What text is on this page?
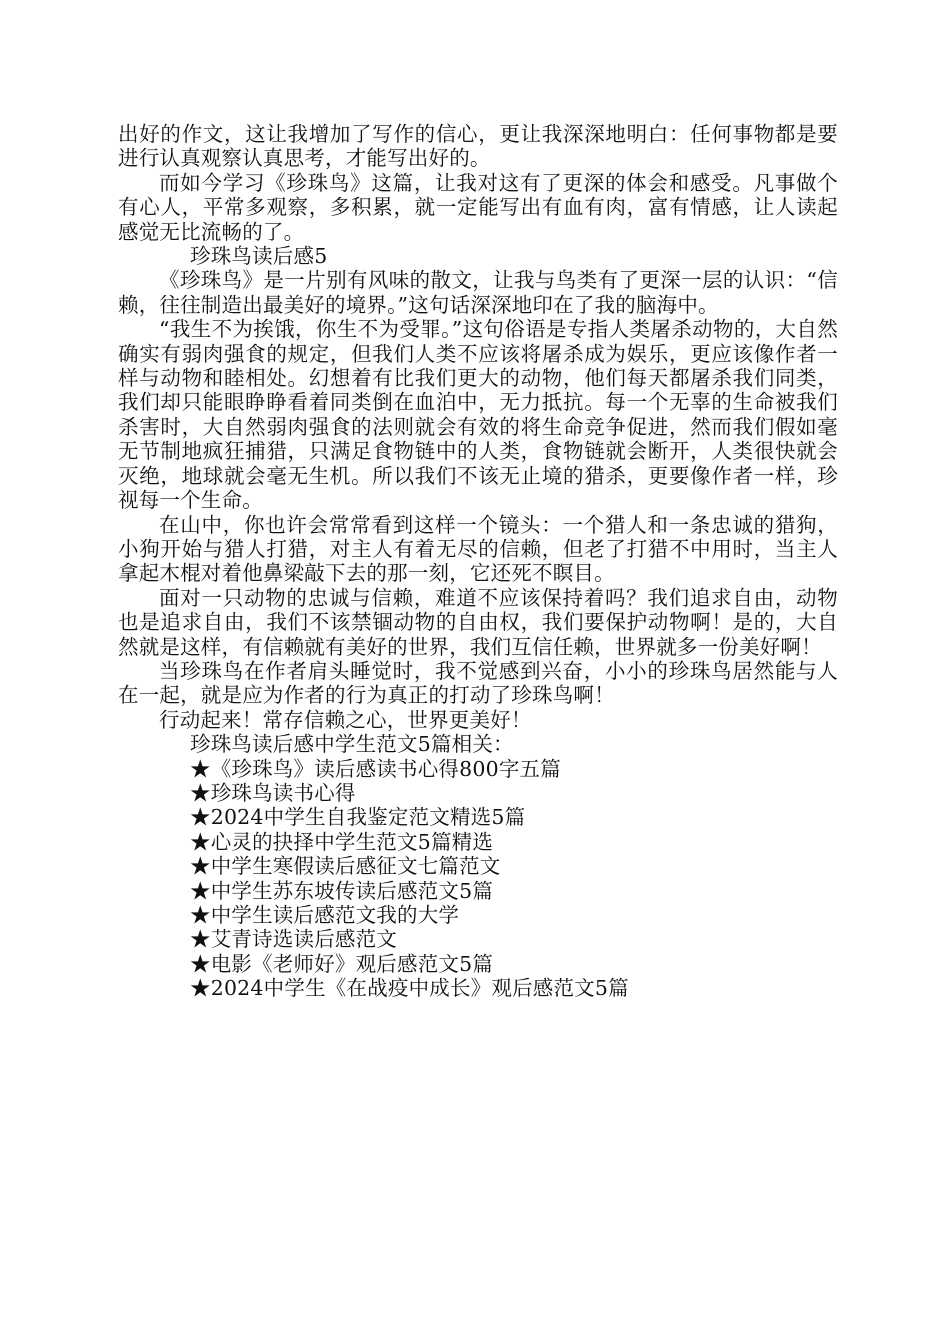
出好的作文，这让我增加了写作的信心，更让我深深地明白：任何事物都是要进行认真观察认真思考，才能写出好的。

而如今学习《珍珠鸟》这篇，让我对这有了更深的体会和感受。凡事做个有心人，平常多观察，多积累，就一定能写出有血有肉，富有情感，让人读起感觉无比流畅的了。

珍珠鸟读后感5

《珍珠鸟》是一片别有风味的散文，让我与鸟类有了更深一层的认识：“信赖，往往制造出最美好的境界。”这句话深深地印在了我的脑海中。

“我生不为挨饿，你生不为受罪。”这句俗语是专指人类屠杀动物的，大自然确实有弱肉强食的规定，但我们人类不应该将屠杀成为娱乐，更应该像作者一样与动物和睦相处。幻想着有比我们更大的动物，他们每天都屠杀我们同类，我们却只能眼睁睁看着同类倒在血泊中，无力抵抗。每一个无辜的生命被我们杀害时，大自然弱肉强食的法则就会有效的将生命竞争促进，然而我们假如毫无节制地疯狂捕猎，只满足食物链中的人类，食物链就会断开，人类很快就会灭绝，地球就会毫无生机。所以我们不该无止境的猎杀，更要像作者一样，珍视每一个生命。

在山中，你也许会常常看到这样一个镜头：一个猎人和一条忠诚的猎狗，小狗开始与猎人打猎，对主人有着无尽的信赖，但老了打猎不中用时，当主人拿起木棍对着他鼻梁敲下去的那一刻，它还死不瞑目。

面对一只动物的忠诚与信赖，难道不应该保持着吗？我们追求自由，动物也是追求自由，我们不该禁锢动物的自由权，我们要保护动物啊！是的，大自然就是这样，有信赖就有美好的世界，我们互信任赖，世界就多一份美好啊！

当珍珠鸟在作者肩头睡觉时，我不觉感到兴奋，小小的珍珠鸟居然能与人在一起，就是应为作者的行为真正的打动了珍珠鸟啊！

行动起来！常存信赖之心，世界更美好！

珍珠鸟读后感中学生范文5篇相关：

★《珍珠鸟》读后感读书心得800字五篇

★珍珠鸟读书心得

★2024中学生自我鉴定范文精选5篇

★心灵的抉择中学生范文5篇精选

★中学生寒假读后感征文七篇范文

★中学生苏东坡传读后感范文5篇

★中学生读后感范文我的大学

★艾青诗选读后感范文

★电影《老师好》观后感范文5篇

★2024中学生《在战疫中成长》观后感范文5篇
